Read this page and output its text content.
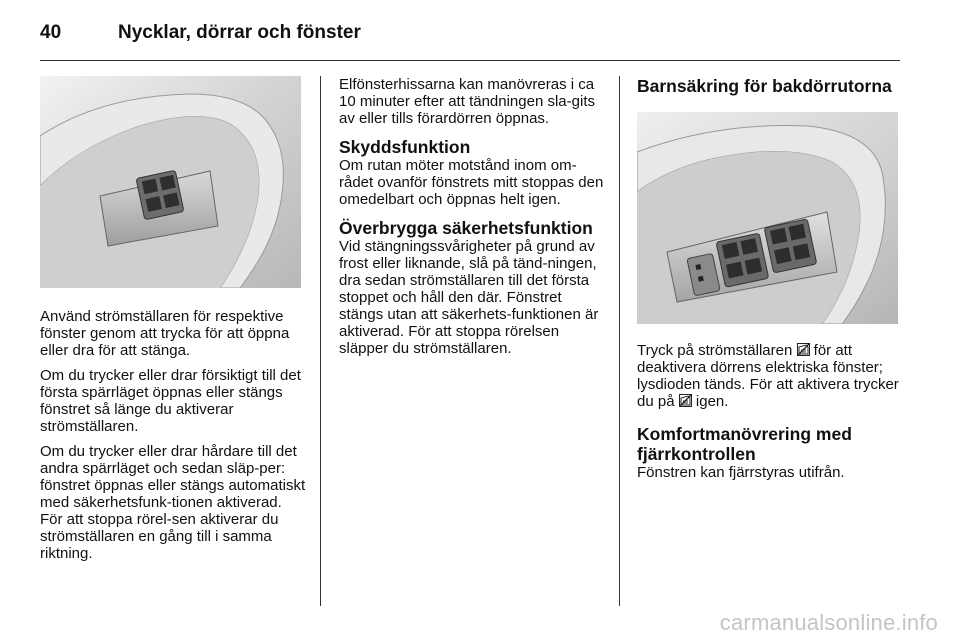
40	Nycklar, dörrar och fönster

Använd strömställaren för respektive fönster genom att trycka för att öppna eller dra för att stänga.

Om du trycker eller drar försiktigt till det första spärrläget öppnas eller stängs fönstret så länge du aktiverar strömställaren.

Om du trycker eller drar hårdare till det andra spärrläget och sedan släp-per: fönstret öppnas eller stängs automatiskt med säkerhetsfunk-tionen aktiverad. För att stoppa rörel-sen aktiverar du strömställaren en gång till i samma riktning.

Elfönsterhissarna kan manövreras i ca 10 minuter efter att tändningen sla-gits av eller tills förardörren öppnas.

Skyddsfunktion

Om rutan möter motstånd inom om-rådet ovanför fönstrets mitt stoppas den omedelbart och öppnas helt igen.

Överbrygga säkerhetsfunktion

Vid stängningssvårigheter på grund av frost eller liknande, slå på tänd-ningen, dra sedan strömställaren till det första stoppet och håll den där. Fönstret stängs utan att säkerhets-funktionen är aktiverad. För att stoppa rörelsen släpper du strömställaren.

Barnsäkring för bakdörrutorna

Tryck på strömställaren för att deaktivera dörrens elektriska fönster; lysdioden tänds. För att aktivera trycker du på igen.

Komfortmanövrering med fjärrkontrollen

Fönstren kan fjärrstyras utifrån.

carmanualsonline.info
